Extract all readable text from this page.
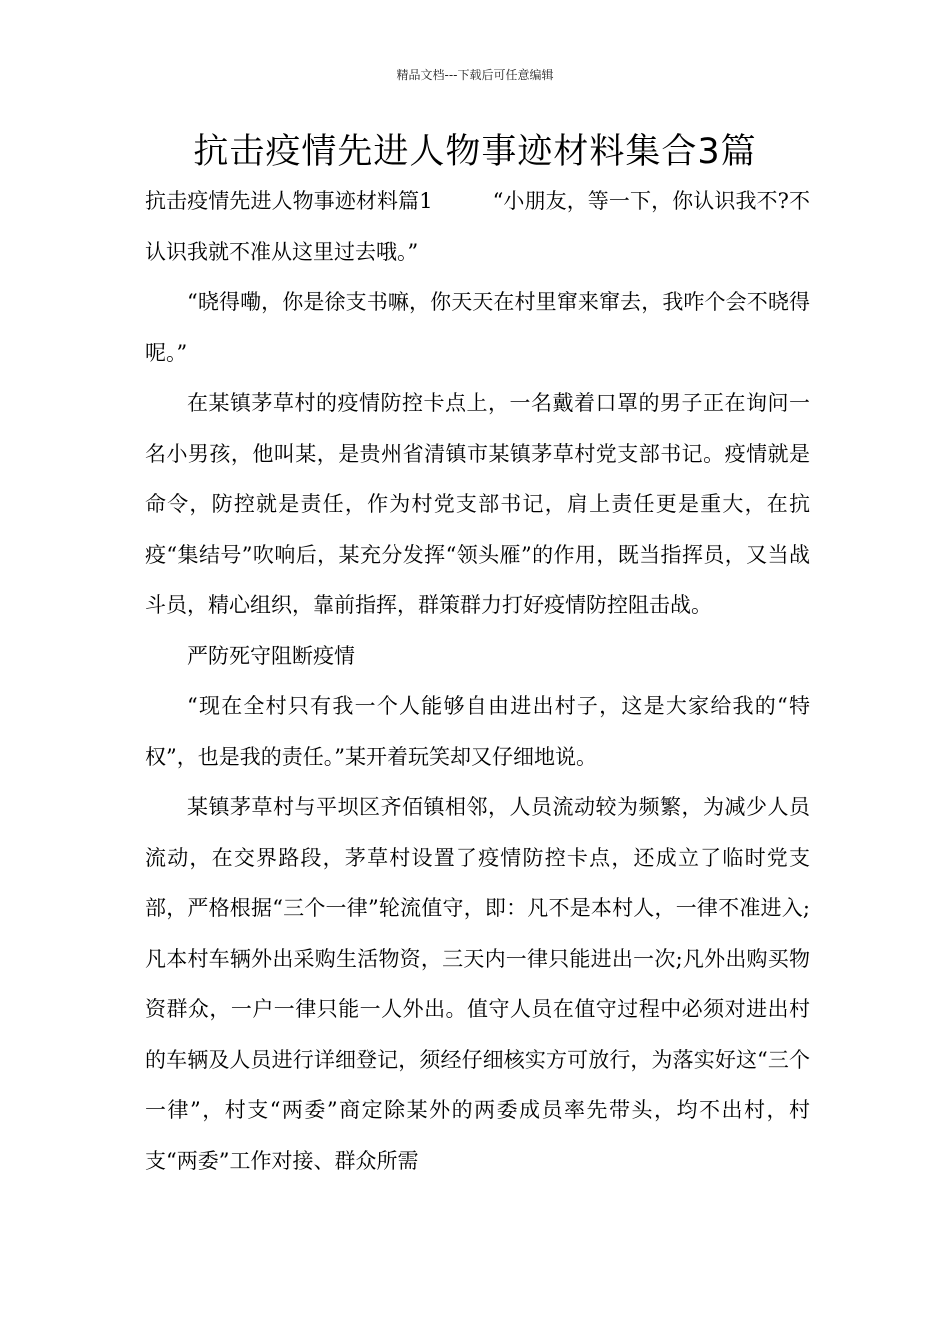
精品文档---下载后可任意编辑
抗击疫情先进人物事迹材料集合3篇

抗击疫情先进人物事迹材料篇1	“小朋友，等一下，你认识我不?不认识我就不准从这里过去哦。”

“晓得嘞，你是徐支书嘛，你天天在村里窜来窜去，我咋个会不晓得呢。”

在某镇茅草村的疫情防控卡点上，一名戴着口罩的男子正在询问一名小男孩，他叫某，是贵州省清镇市某镇茅草村党支部书记。疫情就是命令，防控就是责任，作为村党支部书记，肩上责任更是重大，在抗疫“集结号”吹响后，某充分发挥“领头雁”的作用，既当指挥员，又当战斗员，精心组织，靠前指挥，群策群力打好疫情防控阻击战。

严防死守阻断疫情

“现在全村只有我一个人能够自由进出村子，这是大家给我的“特权”，也是我的责任。”某开着玩笑却又仔细地说。

某镇茅草村与平坝区齐佰镇相邻，人员流动较为频繁，为减少人员流动，在交界路段，茅草村设置了疫情防控卡点，还成立了临时党支部，严格根据“三个一律”轮流值守，即：凡不是本村人，一律不准进入;凡本村车辆外出采购生活物资，三天内一律只能进出一次;凡外出购买物资群众，一户一律只能一人外出。值守人员在值守过程中必须对进出村的车辆及人员进行详细登记，须经仔细核实方可放行，为落实好这“三个一律”，村支“两委”商定除某外的两委成员率先带头，均不出村，村支“两委”工作对接、群众所需
